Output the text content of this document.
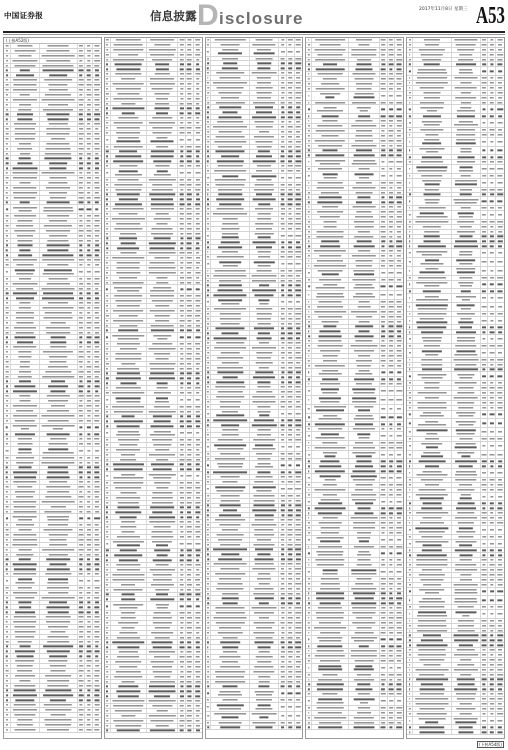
中国证券报	信息披露 D isclosure	2017年11月8日 星期三 A53
(上接A52版)
(下转A54版)
